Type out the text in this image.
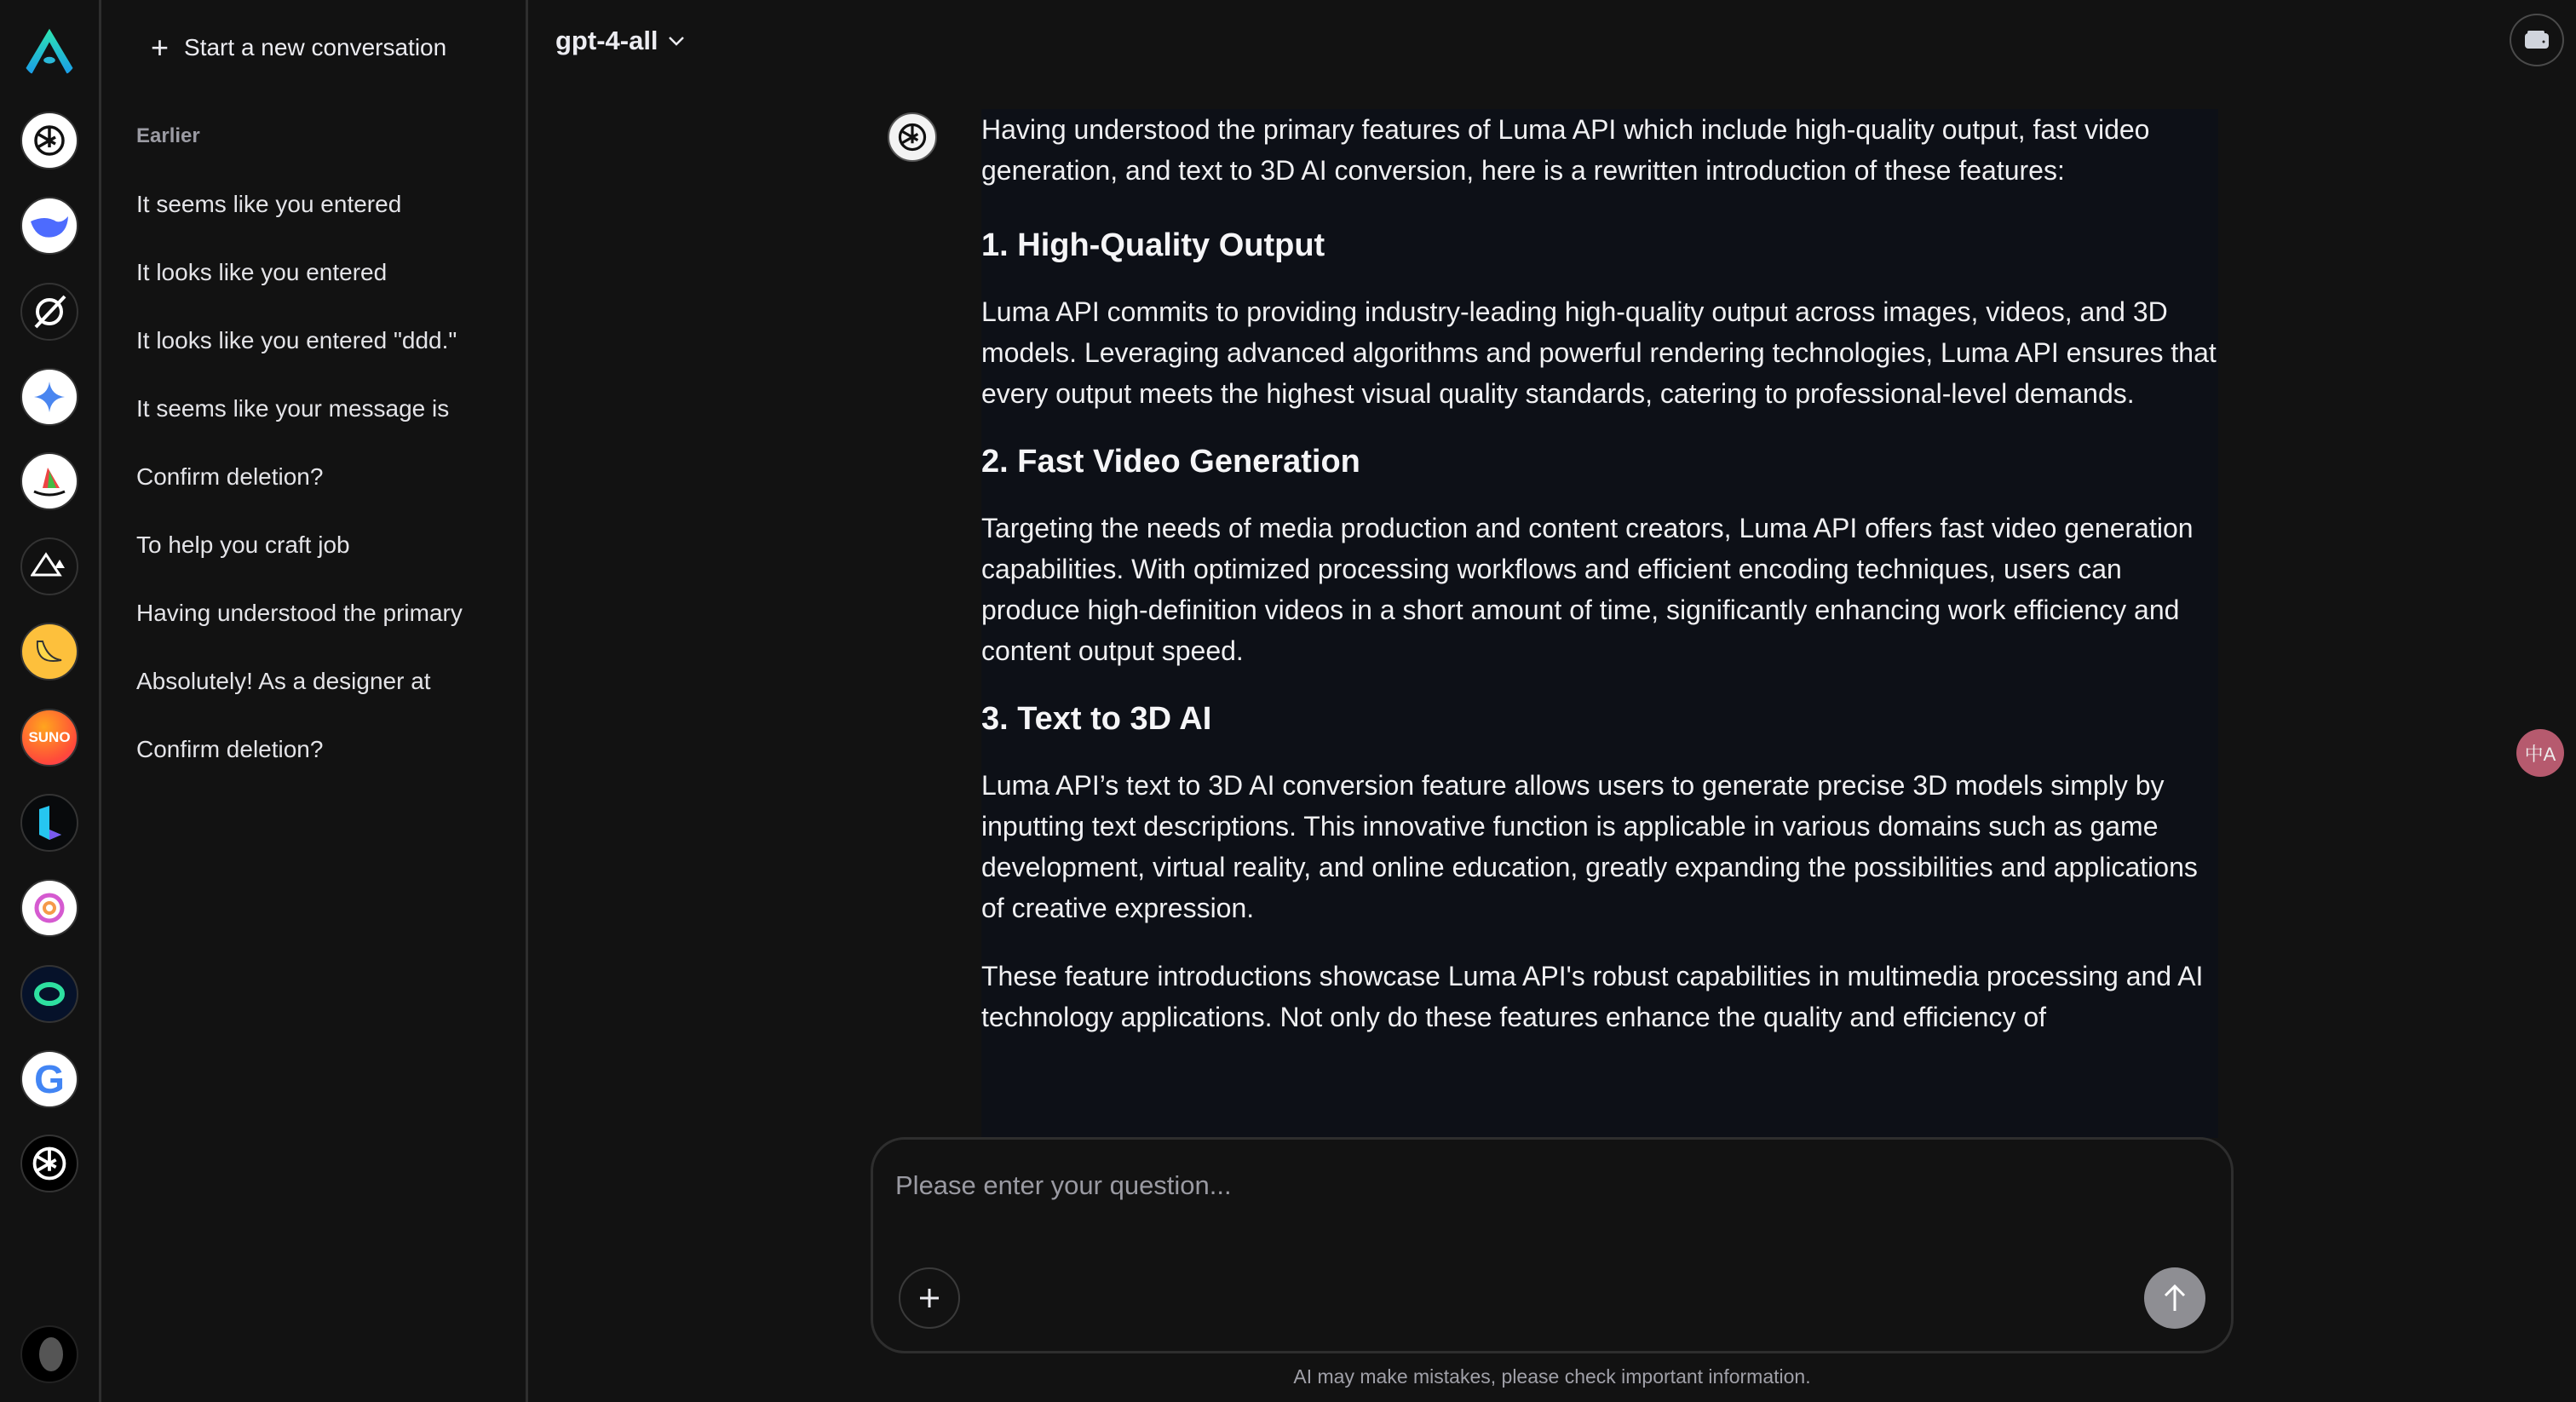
SUNO
G
+ Start a new conversation
Earlier
It seems like you entered
It looks like you entered
It looks like you entered "ddd."
It seems like your message is
Confirm deletion?
To help you craft job
Having understood the primary
Absolutely! As a designer at
Confirm deletion?
gpt-4-all
中A

Having understood the primary features of Luma API which include high-quality output, fast video generation, and text to 3D AI conversion, here is a rewritten introduction of these features:

1. High-Quality Output

Luma API commits to providing industry-leading high-quality output across images, videos, and 3D models. Leveraging advanced algorithms and powerful rendering technologies, Luma API ensures that every output meets the highest visual quality standards, catering to professional-level demands.

2. Fast Video Generation

Targeting the needs of media production and content creators, Luma API offers fast video generation capabilities. With optimized processing workflows and efficient encoding techniques, users can produce high-definition videos in a short amount of time, significantly enhancing work efficiency and content output speed.

3. Text to 3D AI

Luma API’s text to 3D AI conversion feature allows users to generate precise 3D models simply by inputting text descriptions. This innovative function is applicable in various domains such as game development, virtual reality, and online education, greatly expanding the possibilities and applications of creative expression.

These feature introductions showcase Luma API's robust capabilities in multimedia processing and AI technology applications. Not only do these features enhance the quality and efficiency of

Please enter your question...
AI may make mistakes, please check important information.
